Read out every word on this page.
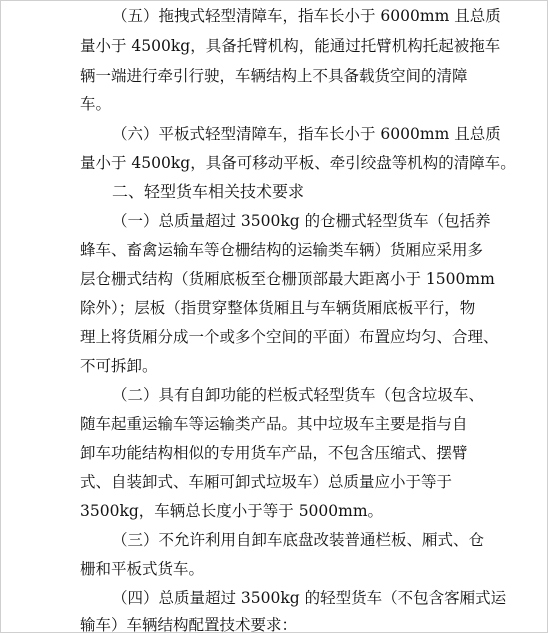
（五）拖拽式轻型清障车，指车长小于 6000mm 且总质
量小于 4500kg，具备托臂机构，能通过托臂机构托起被拖车
辆一端进行牵引行驶，车辆结构上不具备载货空间的清障
车。
（六）平板式轻型清障车，指车长小于 6000mm 且总质
量小于 4500kg，具备可移动平板、牵引绞盘等机构的清障车。
二、轻型货车相关技术要求
（一）总质量超过 3500kg 的仓栅式轻型货车（包括养
蜂车、畜禽运输车等仓栅结构的运输类车辆）货厢应采用多
层仓栅式结构（货厢底板至仓栅顶部最大距离小于 1500mm
除外）；层板（指贯穿整体货厢且与车辆货厢底板平行，物
理上将货厢分成一个或多个空间的平面）布置应均匀、合理、
不可拆卸。
（二）具有自卸功能的栏板式轻型货车（包含垃圾车、
随车起重运输车等运输类产品。其中垃圾车主要是指与自
卸车功能结构相似的专用货车产品，不包含压缩式、摆臂
式、自装卸式、车厢可卸式垃圾车）总质量应小于等于
3500kg，车辆总长度小于等于 5000mm。
（三）不允许利用自卸车底盘改装普通栏板、厢式、仓
栅和平板式货车。
（四）总质量超过 3500kg 的轻型货车（不包含客厢式运
输车）车辆结构配置技术要求：
